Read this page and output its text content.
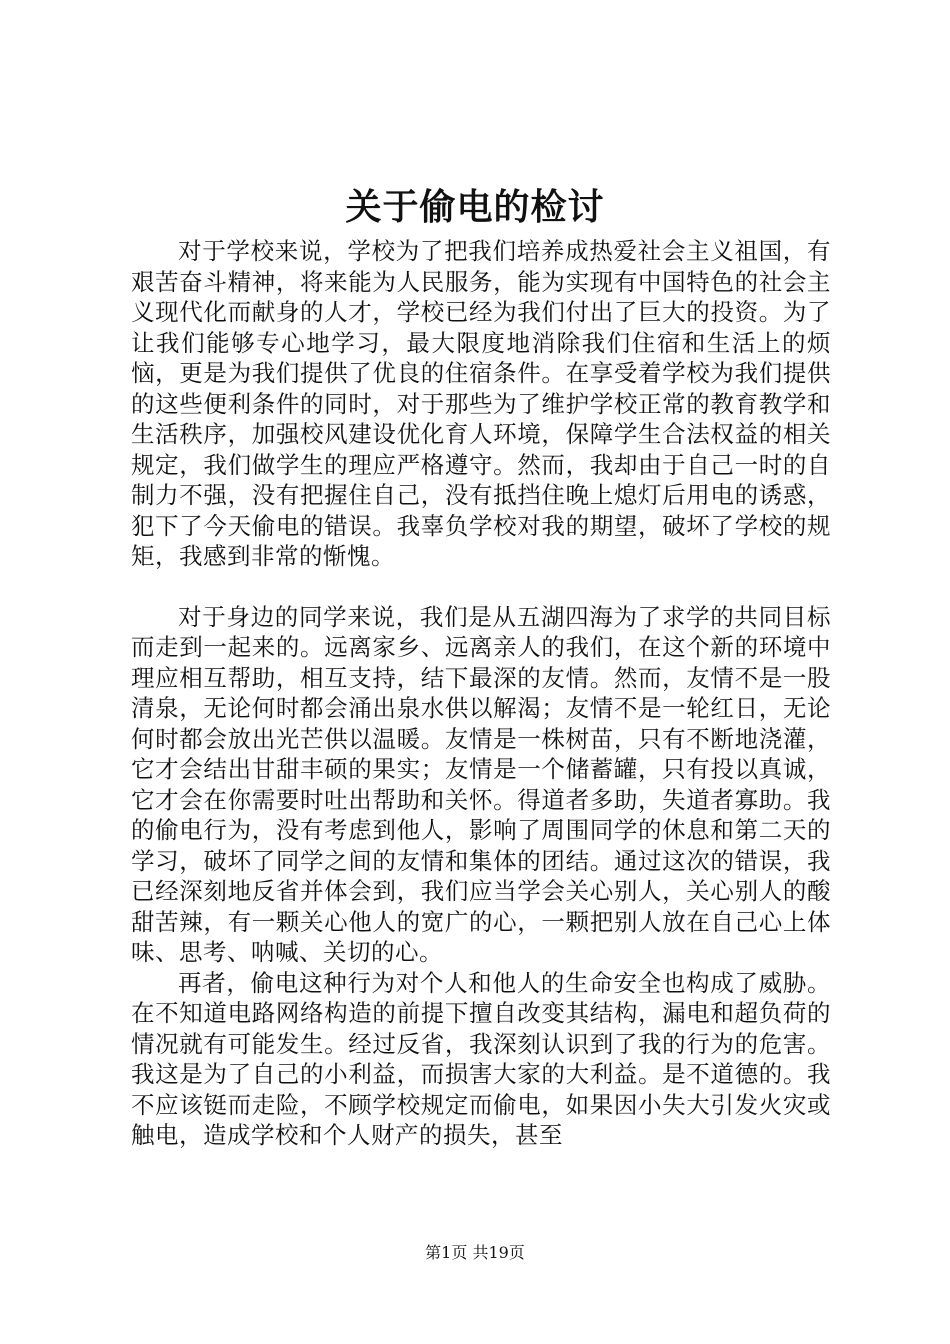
关于偷电的检讨

对于学校来说，学校为了把我们培养成热爱社会主义祖国，有艰苦奋斗精神，将来能为人民服务，能为实现有中国特色的社会主义现代化而献身的人才，学校已经为我们付出了巨大的投资。为了让我们能够专心地学习，最大限度地消除我们住宿和生活上的烦恼，更是为我们提供了优良的住宿条件。在享受着学校为我们提供的这些便利条件的同时，对于那些为了维护学校正常的教育教学和生活秩序，加强校风建设优化育人环境，保障学生合法权益的相关规定，我们做学生的理应严格遵守。然而，我却由于自己一时的自制力不强，没有把握住自己，没有抵挡住晚上熄灯后用电的诱惑，犯下了今天偷电的错误。我辜负学校对我的期望，破坏了学校的规矩，我感到非常的惭愧。

对于身边的同学来说，我们是从五湖四海为了求学的共同目标而走到一起来的。远离家乡、远离亲人的我们，在这个新的环境中理应相互帮助，相互支持，结下最深的友情。然而，友情不是一股清泉，无论何时都会涌出泉水供以解渴；友情不是一轮红日，无论何时都会放出光芒供以温暖。友情是一株树苗，只有不断地浇灌，它才会结出甘甜丰硕的果实；友情是一个储蓄罐，只有投以真诚，它才会在你需要时吐出帮助和关怀。得道者多助，失道者寡助。我的偷电行为，没有考虑到他人，影响了周围同学的休息和第二天的学习，破坏了同学之间的友情和集体的团结。通过这次的错误，我已经深刻地反省并体会到，我们应当学会关心别人，关心别人的酸甜苦辣，有一颗关心他人的宽广的心，一颗把别人放在自己心上体味、思考、呐喊、关切的心。

再者，偷电这种行为对个人和他人的生命安全也构成了威胁。在不知道电路网络构造的前提下擅自改变其结构，漏电和超负荷的情况就有可能发生。经过反省，我深刻认识到了我的行为的危害。我这是为了自己的小利益，而损害大家的大利益。是不道德的。我不应该铤而走险，不顾学校规定而偷电，如果因小失大引发火灾或触电，造成学校和个人财产的损失，甚至

第1页 共19页
